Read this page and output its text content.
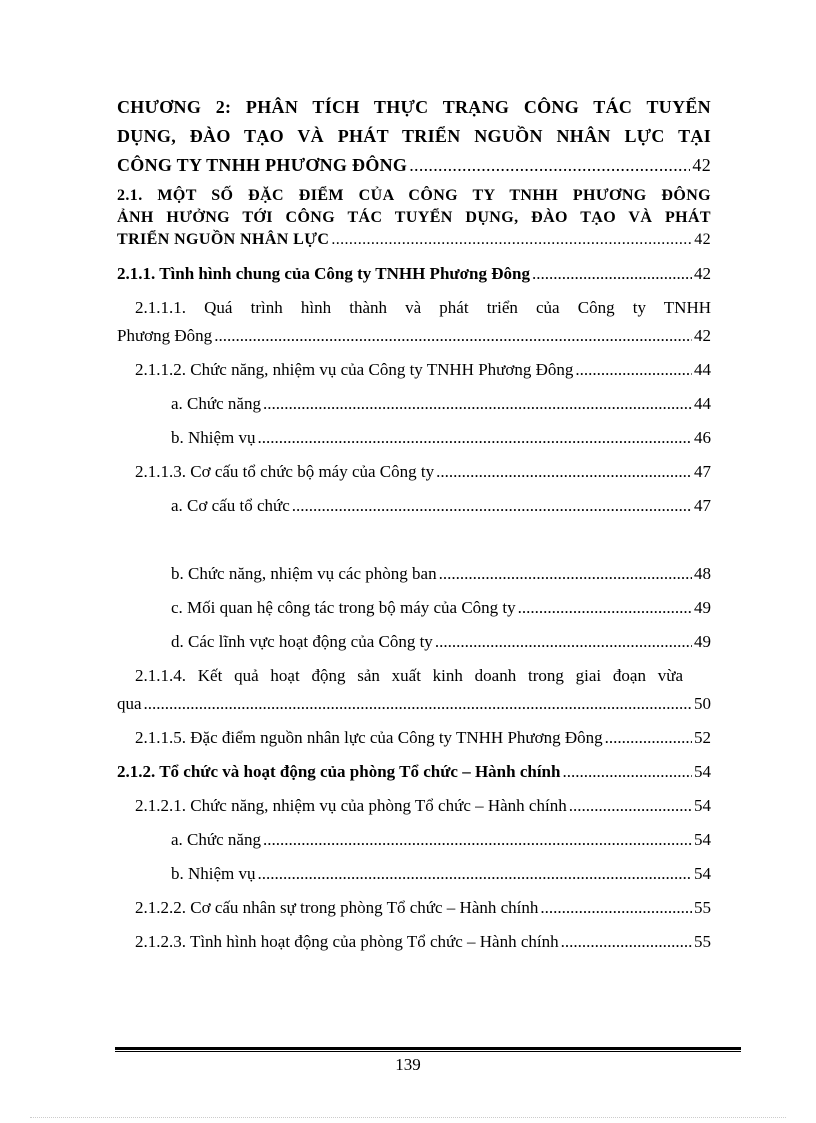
CHƯƠNG 2: PHÂN TÍCH THỰC TRẠNG CÔNG TÁC TUYỂN
DỤNG, ĐÀO TẠO VÀ PHÁT TRIỂN NGUỒN NHÂN LỰC TẠI
CÔNG TY TNHH PHƯƠNG ĐÔNG .....	42
2.1. MỘT SỐ ĐẶC ĐIỂM CỦA CÔNG TY TNHH PHƯƠNG ĐÔNG
ẢNH HƯỞNG TỚI CÔNG TÁC TUYỂN DỤNG, ĐÀO TẠO VÀ PHÁT
TRIỂN NGUỒN NHÂN LỰC .....	42
2.1.1. Tình hình chung của Công ty TNHH Phương Đông .....	42
2.1.1.1. Quá trình hình thành và phát triển của Công ty TNHH
Phương Đông .....	42
2.1.1.2. Chức năng, nhiệm vụ của Công ty TNHH Phương Đông .....	44
a. Chức năng .....	44
b. Nhiệm vụ .....	46
2.1.1.3. Cơ cấu tổ chức bộ máy của Công ty .....	47
a. Cơ cấu tổ chức .....	47
b. Chức năng, nhiệm vụ các phòng ban .....	48
c. Mối quan hệ công tác trong bộ máy của Công ty .....	49
d. Các lĩnh vực hoạt động của Công ty .....	49
2.1.1.4. Kết quả hoạt động sản xuất kinh doanh trong giai đoạn vừa
qua .....	50
2.1.1.5. Đặc điểm nguồn nhân lực của Công ty TNHH Phương Đông .....	52
2.1.2. Tổ chức và hoạt động của phòng Tổ chức – Hành chính .....	54
2.1.2.1. Chức năng, nhiệm vụ của phòng Tổ chức – Hành chính .....	54
a. Chức năng .....	54
b. Nhiệm vụ .....	54
2.1.2.2. Cơ cấu nhân sự trong phòng Tổ chức – Hành chính .....	55
2.1.2.3. Tình hình hoạt động của phòng Tổ chức – Hành chính .....	55
139
